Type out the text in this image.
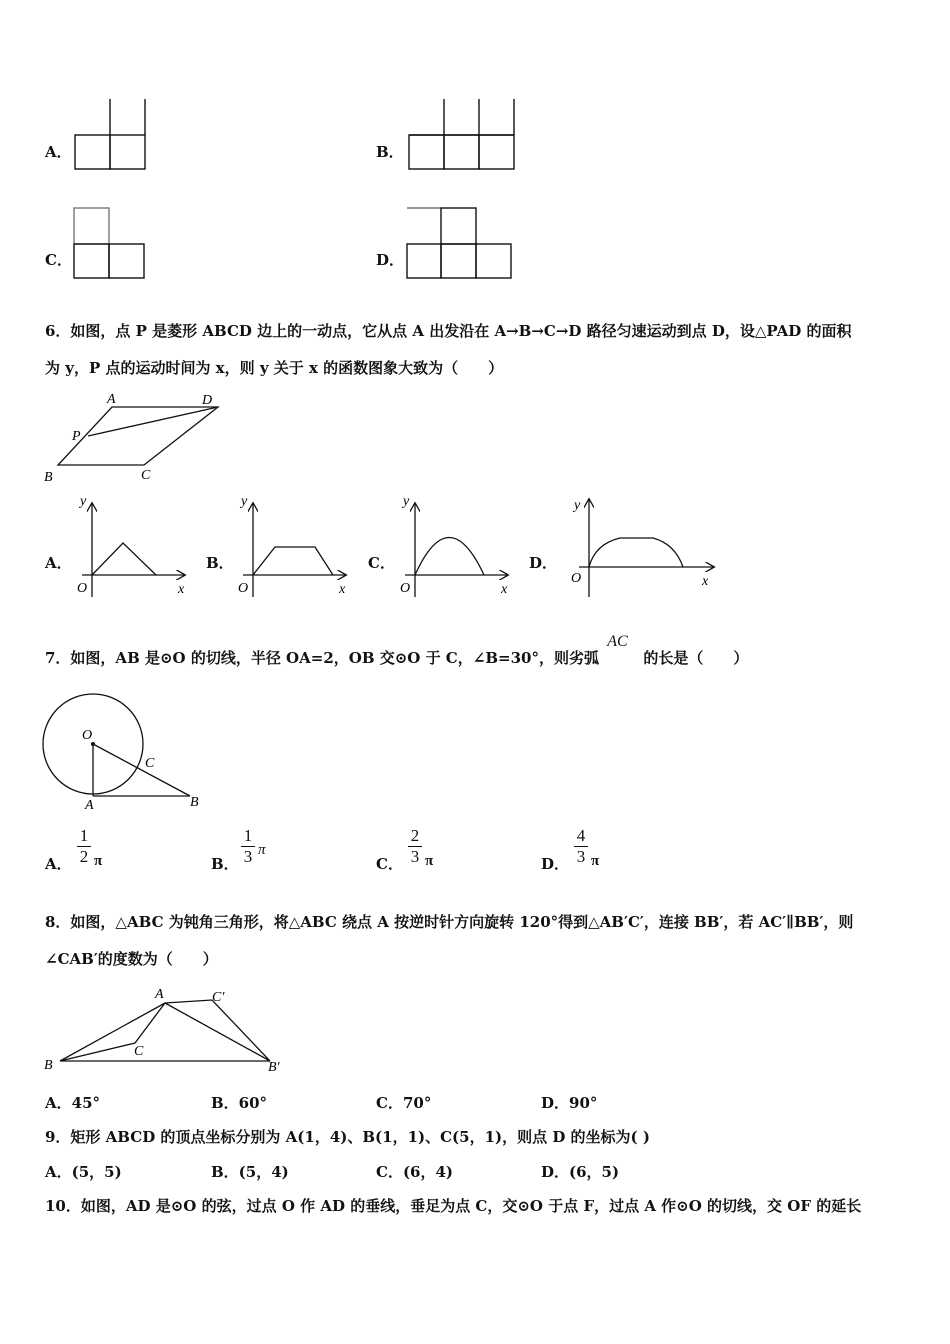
A．	B．
C．	D．
6．如图，点 P 是菱形 ABCD 边上的一动点，它从点 A 出发沿在 A→B→C→D 路径匀速运动到点 D，设△PAD 的面积
为 y，P 点的运动时间为 x，则 y 关于 x 的函数图象大致为（　　）
A	D
P
B	C
A．
y
x
O
B．
y
x
O
C．
y
x
O
D．
y
x
O
7．如图，AB 是⊙O 的切线，半径 OA=2，OB 交⊙O 于 C，∠B=30°，则劣弧
AC
的长是（　　）
O
A	B
C
A．
1
2 π	B．
1
3 π
C．
2
3 π	D．
4
3 π
8．如图，△ABC 为钝角三角形，将△ABC 绕点 A 按逆时针方向旋转 120°得到△AB′C′，连接 BB′，若 AC′∥BB′，则
∠CAB′的度数为（　　）
A	C′
C
B	B′
A．45°	B．60°	C．70°	D．90°
9．矩形 ABCD 的顶点坐标分别为 A(1，4)、B(1，1)、C(5，1)，则点 D 的坐标为( )
A．(5，5)	B．(5，4)	C．(6，4)	D．(6，5)
10．如图，AD 是⊙O 的弦，过点 O 作 AD 的垂线，垂足为点 C，交⊙O 于点 F，过点 A 作⊙O 的切线，交 OF 的延长
